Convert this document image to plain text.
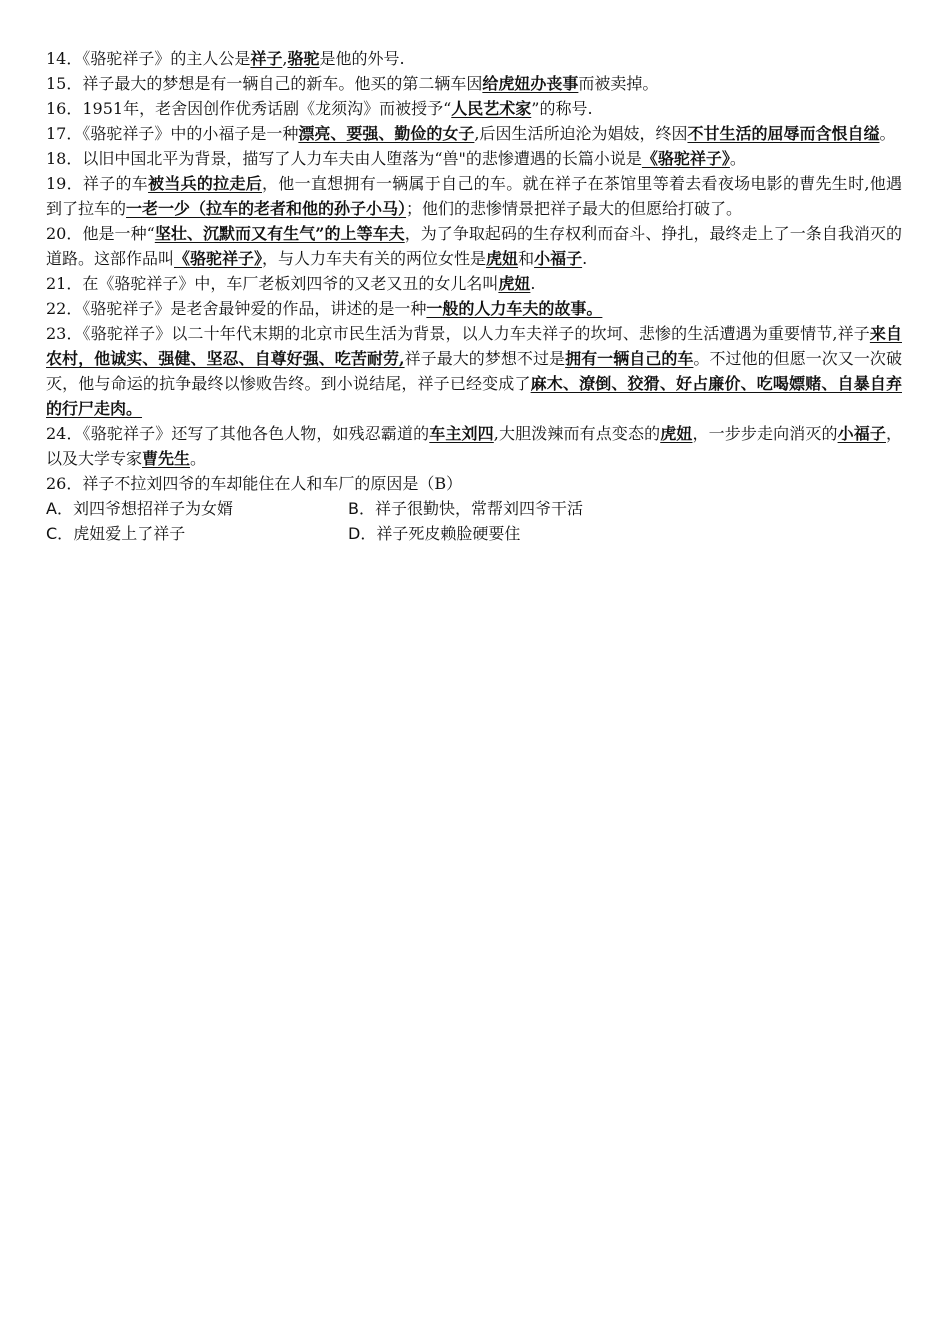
14．《骆驼祥子》的主人公是祥子,骆驼是他的外号.

15．祥子最大的梦想是有一辆自己的新车。他买的第二辆车因给虎妞办丧事而被卖掉。

16．1951年，老舍因创作优秀话剧《龙须沟》而被授予“人民艺术家”的称号.

17．《骆驼祥子》中的小福子是一种漂亮、要强、勤俭的女子,后因生活所迫沦为娼妓，终因不甘生活的屈辱而含恨自缢。

18．以旧中国北平为背景，描写了人力车夫由人堕落为“兽"的悲惨遭遇的长篇小说是《骆驼祥子》。

19．祥子的车被当兵的拉走后，他一直想拥有一辆属于自己的车。就在祥子在茶馆里等着去看夜场电影的曹先生时,他遇到了拉车的一老一少（拉车的老者和他的孙子小马）；他们的悲惨情景把祥子最大的但愿给打破了。

20．他是一种“坚壮、沉默而又有生气”的上等车夫，为了争取起码的生存权利而奋斗、挣扎，最终走上了一条自我消灭的道路。这部作品叫《骆驼祥子》，与人力车夫有关的两位女性是虎妞和小福子.

21．在《骆驼祥子》中，车厂老板刘四爷的又老又丑的女儿名叫虎妞.

22．《骆驼祥子》是老舍最钟爱的作品，讲述的是一种一般的人力车夫的故事。

23．《骆驼祥子》以二十年代末期的北京市民生活为背景，以人力车夫祥子的坎坷、悲惨的生活遭遇为重要情节,祥子来自农村，他诚实、强健、坚忍、自尊好强、吃苦耐劳,祥子最大的梦想不过是拥有一辆自己的车。不过他的但愿一次又一次破灭，他与命运的抗争最终以惨败告终。到小说结尾，祥子已经变成了麻木、潦倒、狡猾、好占廉价、吃喝嫖赌、自暴自弃的行尸走肉。

24．《骆驼祥子》还写了其他各色人物，如残忍霸道的车主刘四,大胆泼辣而有点变态的虎妞，一步步走向消灭的小福子，以及大学专家曹先生。

26．祥子不拉刘四爷的车却能住在人和车厂的原因是（B）

A．刘四爷想招祥子为女婿	B．祥子很勤快，常帮刘四爷干活
C．虎妞爱上了祥子	D．祥子死皮赖脸硬要住
